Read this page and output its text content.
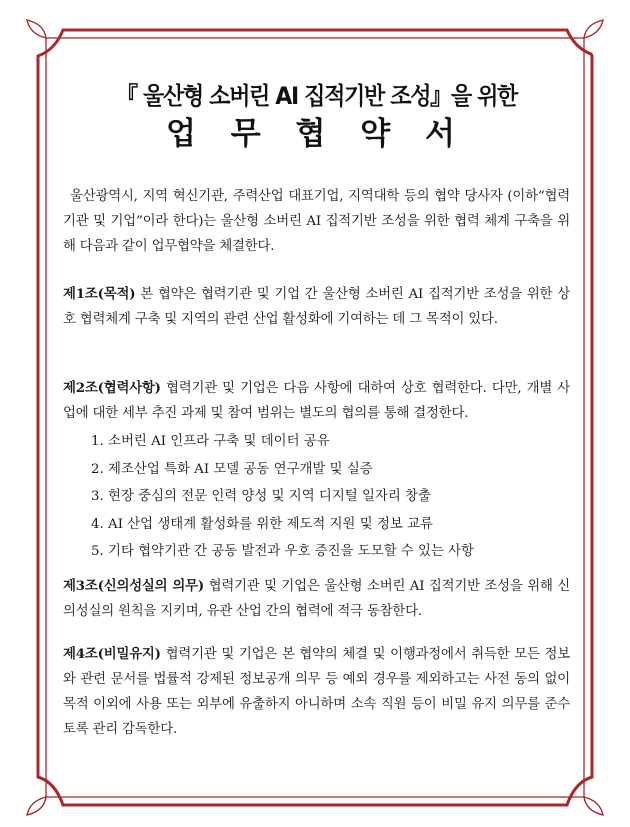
『 울산형 소버린 AI 집적기반 조성』을 위한
업 무 협 약 서
울산광역시, 지역 혁신기관, 주력산업 대표기업, 지역대학 등의 협약 당사자 (이하“협력기관 및 기업”이라 한다)는 울산형 소버린 AI 집적기반 조성을 위한 협력 체계 구축을 위해 다음과 같이 업무협약을 체결한다.
제1조(목적) 본 협약은 협력기관 및 기업 간 울산형 소버린 AI 집적기반 조성을 위한 상호 협력체계 구축 및 지역의 관련 산업 활성화에 기여하는 데 그 목적이 있다.
제2조(협력사항) 협력기관 및 기업은 다음 사항에 대하여 상호 협력한다. 다만, 개별 사업에 대한 세부 추진 과제 및 참여 범위는 별도의 협의를 통해 결정한다.
1. 소버린 AI 인프라 구축 및 데이터 공유
2. 제조산업 특화 AI 모델 공동 연구개발 및 실증
3. 현장 중심의 전문 인력 양성 및 지역 디지털 일자리 창출
4. AI 산업 생태계 활성화를 위한 제도적 지원 및 정보 교류
5. 기타 협약기관 간 공동 발전과 우호 증진을 도모할 수 있는 사항
제3조(신의성실의 의무) 협력기관 및 기업은 울산형 소버린 AI 집적기반 조성을 위해 신의성실의 원칙을 지키며, 유관 산업 간의 협력에 적극 동참한다.
제4조(비밀유지) 협력기관 및 기업은 본 협약의 체결 및 이행과정에서 취득한 모든 정보와 관련 문서를 법률적 강제된 정보공개 의무 등 예외 경우를 제외하고는 사전 동의 없이 목적 이외에 사용 또는 외부에 유출하지 아니하며 소속 직원 등이 비밀 유지 의무를 준수토록 관리 감독한다.
